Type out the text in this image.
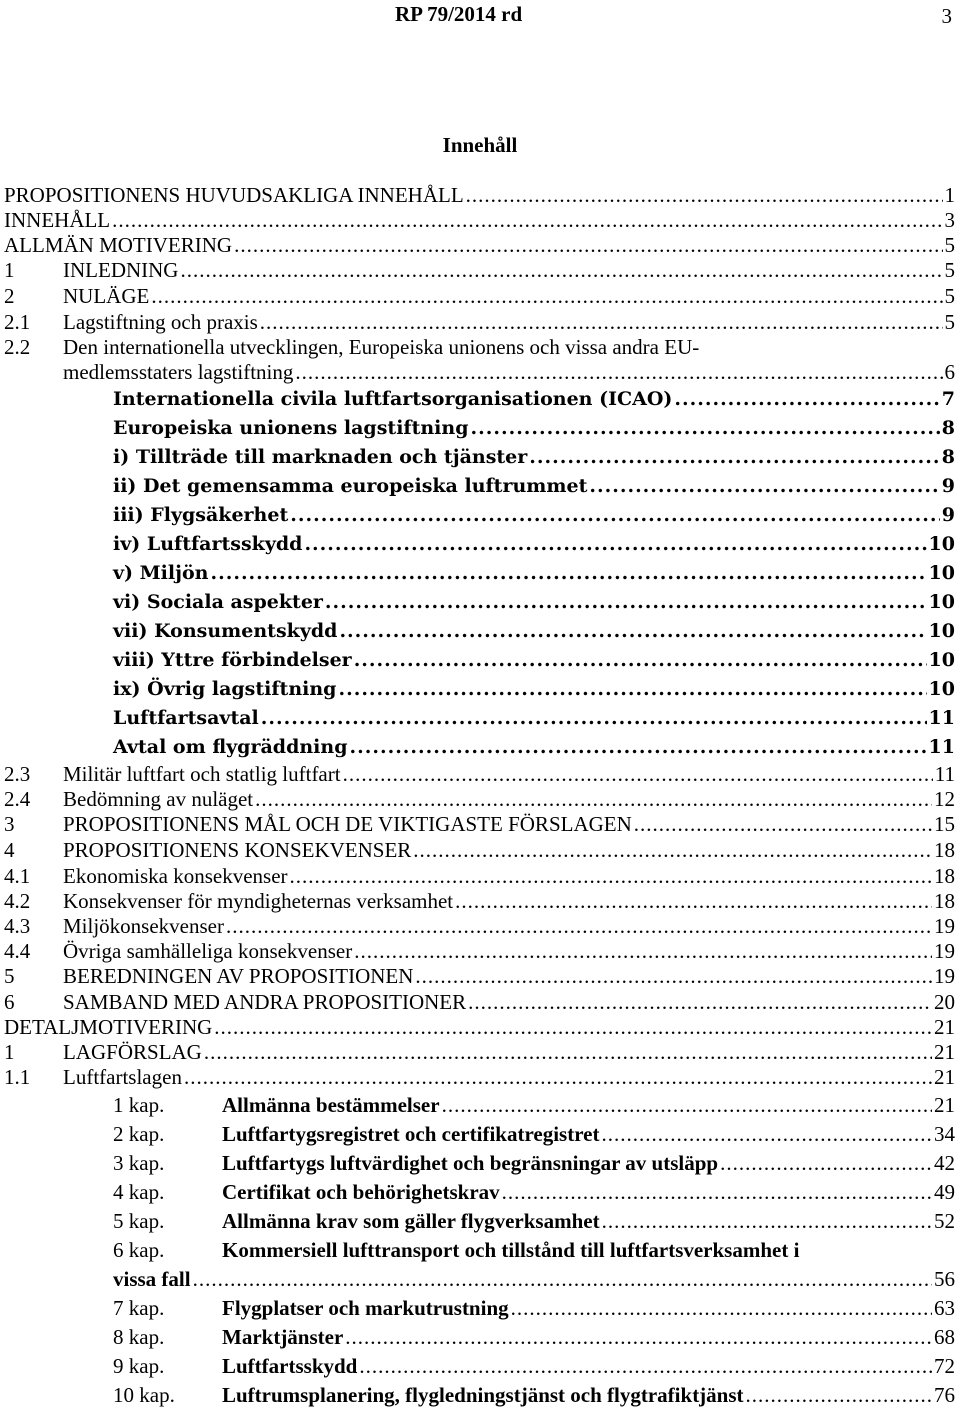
RP 79/2014 rd	3
Innehåll
PROPOSITIONENS HUVUDSAKLIGA INNEHÅLL .....	1
INNEHÅLL .....	3
ALLMÄN MOTIVERING .....	5
1 INLEDNING .....	5
2 NULÄGE .....	5
2.1 Lagstiftning och praxis .....	5
2.2 Den internationella utvecklingen, Europeiska unionens och vissa andra EU-
medlemsstaters lagstiftning .....	6
Internationella civila luftfartsorganisationen (ICAO) .....	7
Europeiska unionens lagstiftning .....	8
i) Tillträde till marknaden och tjänster .....	8
ii) Det gemensamma europeiska luftrummet .....	9
iii) Flygsäkerhet .....	9
iv) Luftfartsskydd .....	10
v) Miljön .....	10
vi) Sociala aspekter .....	10
vii) Konsumentskydd .....	10
viii) Yttre förbindelser .....	10
ix) Övrig lagstiftning .....	10
Luftfartsavtal .....	11
Avtal om flygräddning .....	11
2.3 Militär luftfart och statlig luftfart .....	11
2.4 Bedömning av nuläget .....	12
3 PROPOSITIONENS MÅL OCH DE VIKTIGASTE FÖRSLAGEN .....	15
4 PROPOSITIONENS KONSEKVENSER .....	18
4.1 Ekonomiska konsekvenser .....	18
4.2 Konsekvenser för myndigheternas verksamhet .....	18
4.3 Miljökonsekvenser .....	19
4.4 Övriga samhälleliga konsekvenser .....	19
5 BEREDNINGEN AV PROPOSITIONEN .....	19
6 SAMBAND MED ANDRA PROPOSITIONER .....	20
DETALJMOTIVERING .....	21
1 LAGFÖRSLAG .....	21
1.1 Luftfartslagen .....	21
1 kap.	Allmänna bestämmelser .....	21
2 kap.	Luftfartygsregistret och certifikatregistret .....	34
3 kap.	Luftfartygs luftvärdighet och begränsningar av utsläpp .....	42
4 kap.	Certifikat och behörighetskrav .....	49
5 kap.	Allmänna krav som gäller flygverksamhet .....	52
6 kap.	Kommersiell lufttransport och tillstånd till luftfartsverksamhet i
vissa fall .....	56
7 kap.	Flygplatser och markutrustning .....	63
8 kap.	Marktjänster .....	68
9 kap.	Luftfartsskydd .....	72
10 kap. Luftrumsplanering, flygledningstjänst och flygtrafiktjänst .....	76
